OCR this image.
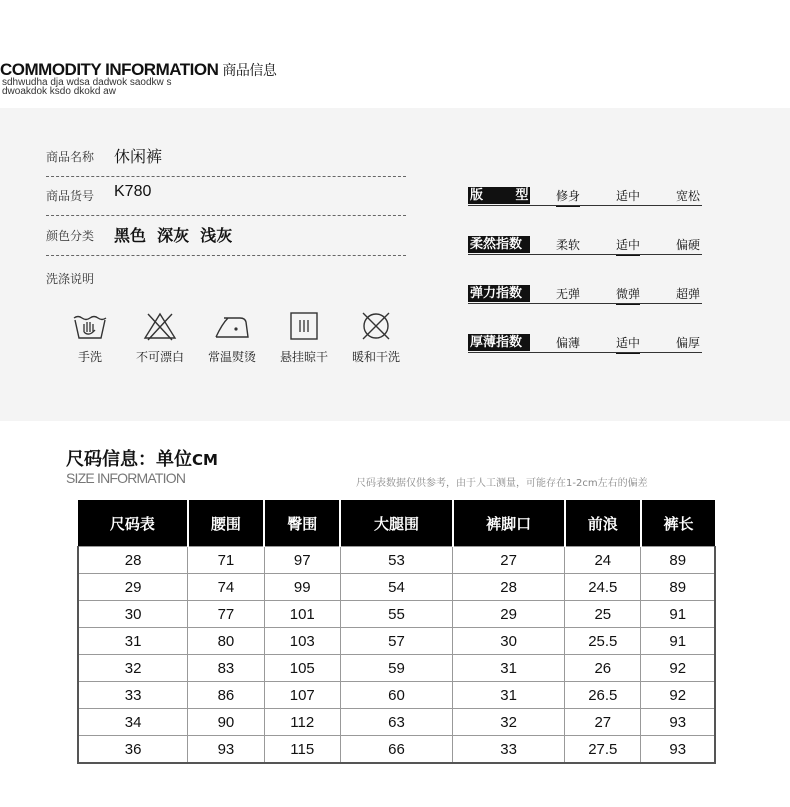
COMMODITY INFORMATION 商品信息
sdhwudha dja wdsa dadwok saodkw s
dwoakdok ksdo dkokd aw
商品名称 休闲裤
商品货号 K780
颜色分类 黑色  深灰  浅灰
洗涤说明
手洗	不可漂白	常温熨烫	悬挂晾干	暖和干洗
版 型 修身	适中	宽松
柔然指数	柔软	适中	偏硬
弹力指数	无弹	微弹	超弹
厚薄指数	偏薄	适中	偏厚
尺码信息：单位CM
SIZE INFORMATION	尺码表数据仅供参考，由于人工测量，可能存在1-2cm左右的偏差
尺码表	腰围	臀围	大腿围	裤脚口	前浪	裤长
28	71	97	53	27	24	89
29	74	99	54	28	24.5	89
30	77	101	55	29	25	91
31	80	103	57	30	25.5	91
32	83	105	59	31	26	92
33	86	107	60	31	26.5	92
34	90	112	63	32	27	93
36	93	115	66	33	27.5	93
